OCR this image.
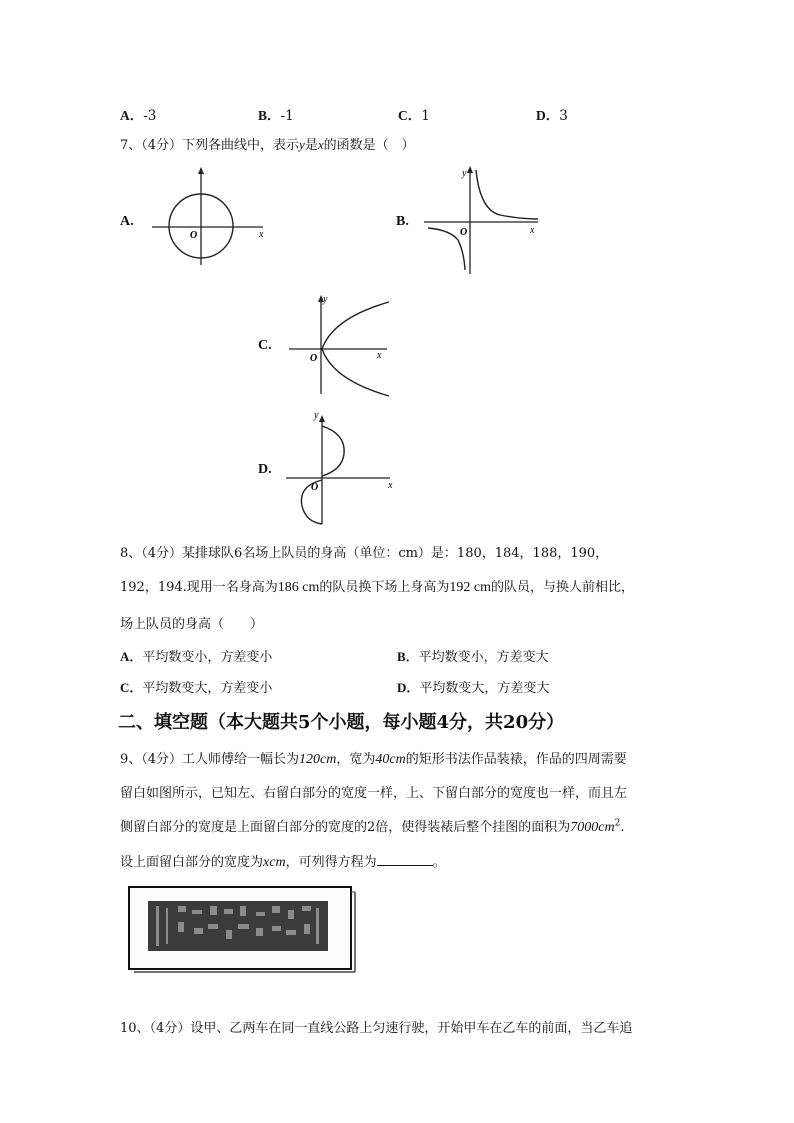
A．-3	B．-1	C．1	D．3
7、（4分）下列各曲线中，表示y是x的函数是（　）
A.
O	x
B.
O	x
y
C.
O	x
y
D.
O	x
y
8、（4分）某排球队6名场上队员的身高（单位：cm）是：180，184，188，190，
192，194.现用一名身高为186 cm的队员换下场上身高为192 cm的队员，与换人前相比，
场上队员的身高（　　）
A．平均数变小，方差变小	B．平均数变小，方差变大
C．平均数变大，方差变小	D．平均数变大，方差变大
二、填空题（本大题共5个小题，每小题4分，共20分）
9、（4分）工人师傅给一幅长为120cm，宽为40cm的矩形书法作品装裱，作品的四周需要
留白如图所示，已知左、右留白部分的宽度一样，上、下留白部分的宽度也一样，而且左
侧留白部分的宽度是上面留白部分的宽度的2倍，使得装裱后整个挂图的面积为$7000cm^2$.
设上面留白部分的宽度为xcm，可列得方程为	。
10、（4分）设甲、乙两车在同一直线公路上匀速行驶，开始甲车在乙车的前面，当乙车追
